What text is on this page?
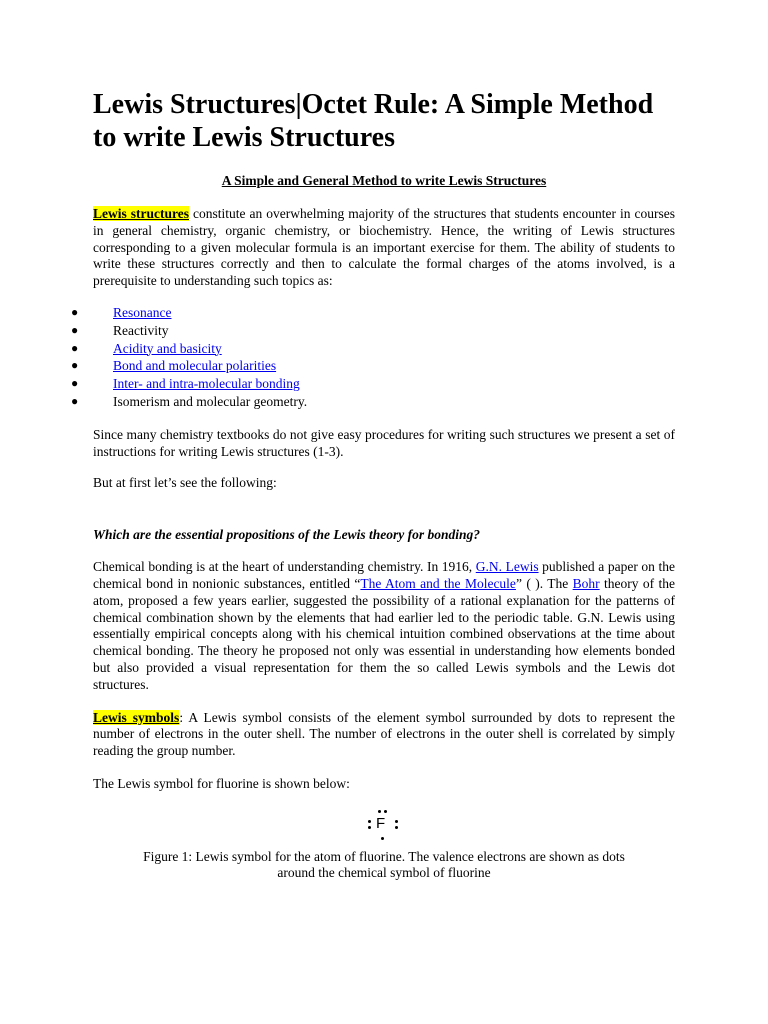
Lewis Structures|Octet Rule: A Simple Method to write Lewis Structures
A Simple and General Method to write Lewis Structures

Lewis structures constitute an overwhelming majority of the structures that students encounter in courses in general chemistry, organic chemistry, or biochemistry. Hence, the writing of Lewis structures corresponding to a given molecular formula is an important exercise for them. The ability of students to write these structures correctly and then to calculate the formal charges of the atoms involved, is a prerequisite to understanding such topics as:

●	Resonance
●	Reactivity
●	Acidity and basicity
●	Bond and molecular polarities
●	Inter- and intra-molecular bonding
●	Isomerism and molecular geometry.

Since many chemistry textbooks do not give easy procedures for writing such structures we present a set of instructions for writing Lewis structures (1-3).

But at first let’s see the following:

Which are the essential propositions of the Lewis theory for bonding?

Chemical bonding is at the heart of understanding chemistry. In 1916, G.N. Lewis published a paper on the chemical bond in nonionic substances, entitled “The Atom and the Molecule” ( ). The Bohr theory of the atom, proposed a few years earlier, suggested the possibility of a rational explanation for the patterns of chemical combination shown by the elements that had earlier led to the periodic table. G.N. Lewis using essentially empirical concepts along with his chemical intuition combined observations at the time about chemical bonding. The theory he proposed not only was essential in understanding how elements bonded but also provided a visual representation for them the so called Lewis symbols and the Lewis dot structures.

Lewis symbols: A Lewis symbol consists of the element symbol surrounded by dots to represent the number of electrons in the outer shell. The number of electrons in the outer shell is correlated by simply reading the group number.

The Lewis symbol for fluorine is shown below:

F
Figure 1: Lewis symbol for the atom of fluorine. The valence electrons are shown as dots
around the chemical symbol of fluorine
